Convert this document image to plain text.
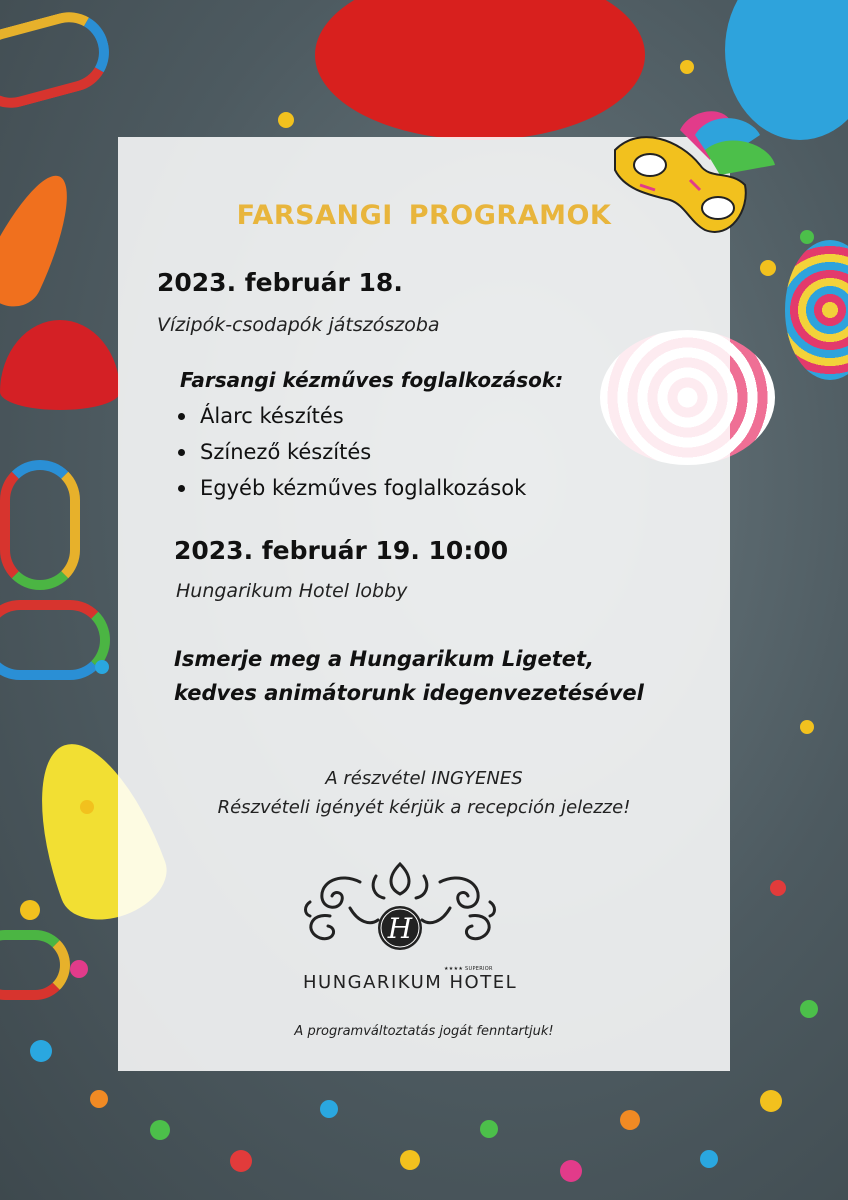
FARSANGI PROGRAMOK
2023. február 18.
Vízipók-csodapók játszószoba
Farsangi kézműves foglalkozások:
Álarc készítés
Színező készítés
Egyéb kézműves foglalkozások
2023. február 19. 10:00
Hungarikum Hotel lobby
Ismerje meg a Hungarikum Ligetet,
kedves animátorunk idegenvezetésével
A részvétel INGYENES
Részvételi igényét kérjük a recepción jelezze!
H
★★★★ SUPERIOR
HUNGARIKUM HOTEL
A programváltoztatás jogát fenntartjuk!
